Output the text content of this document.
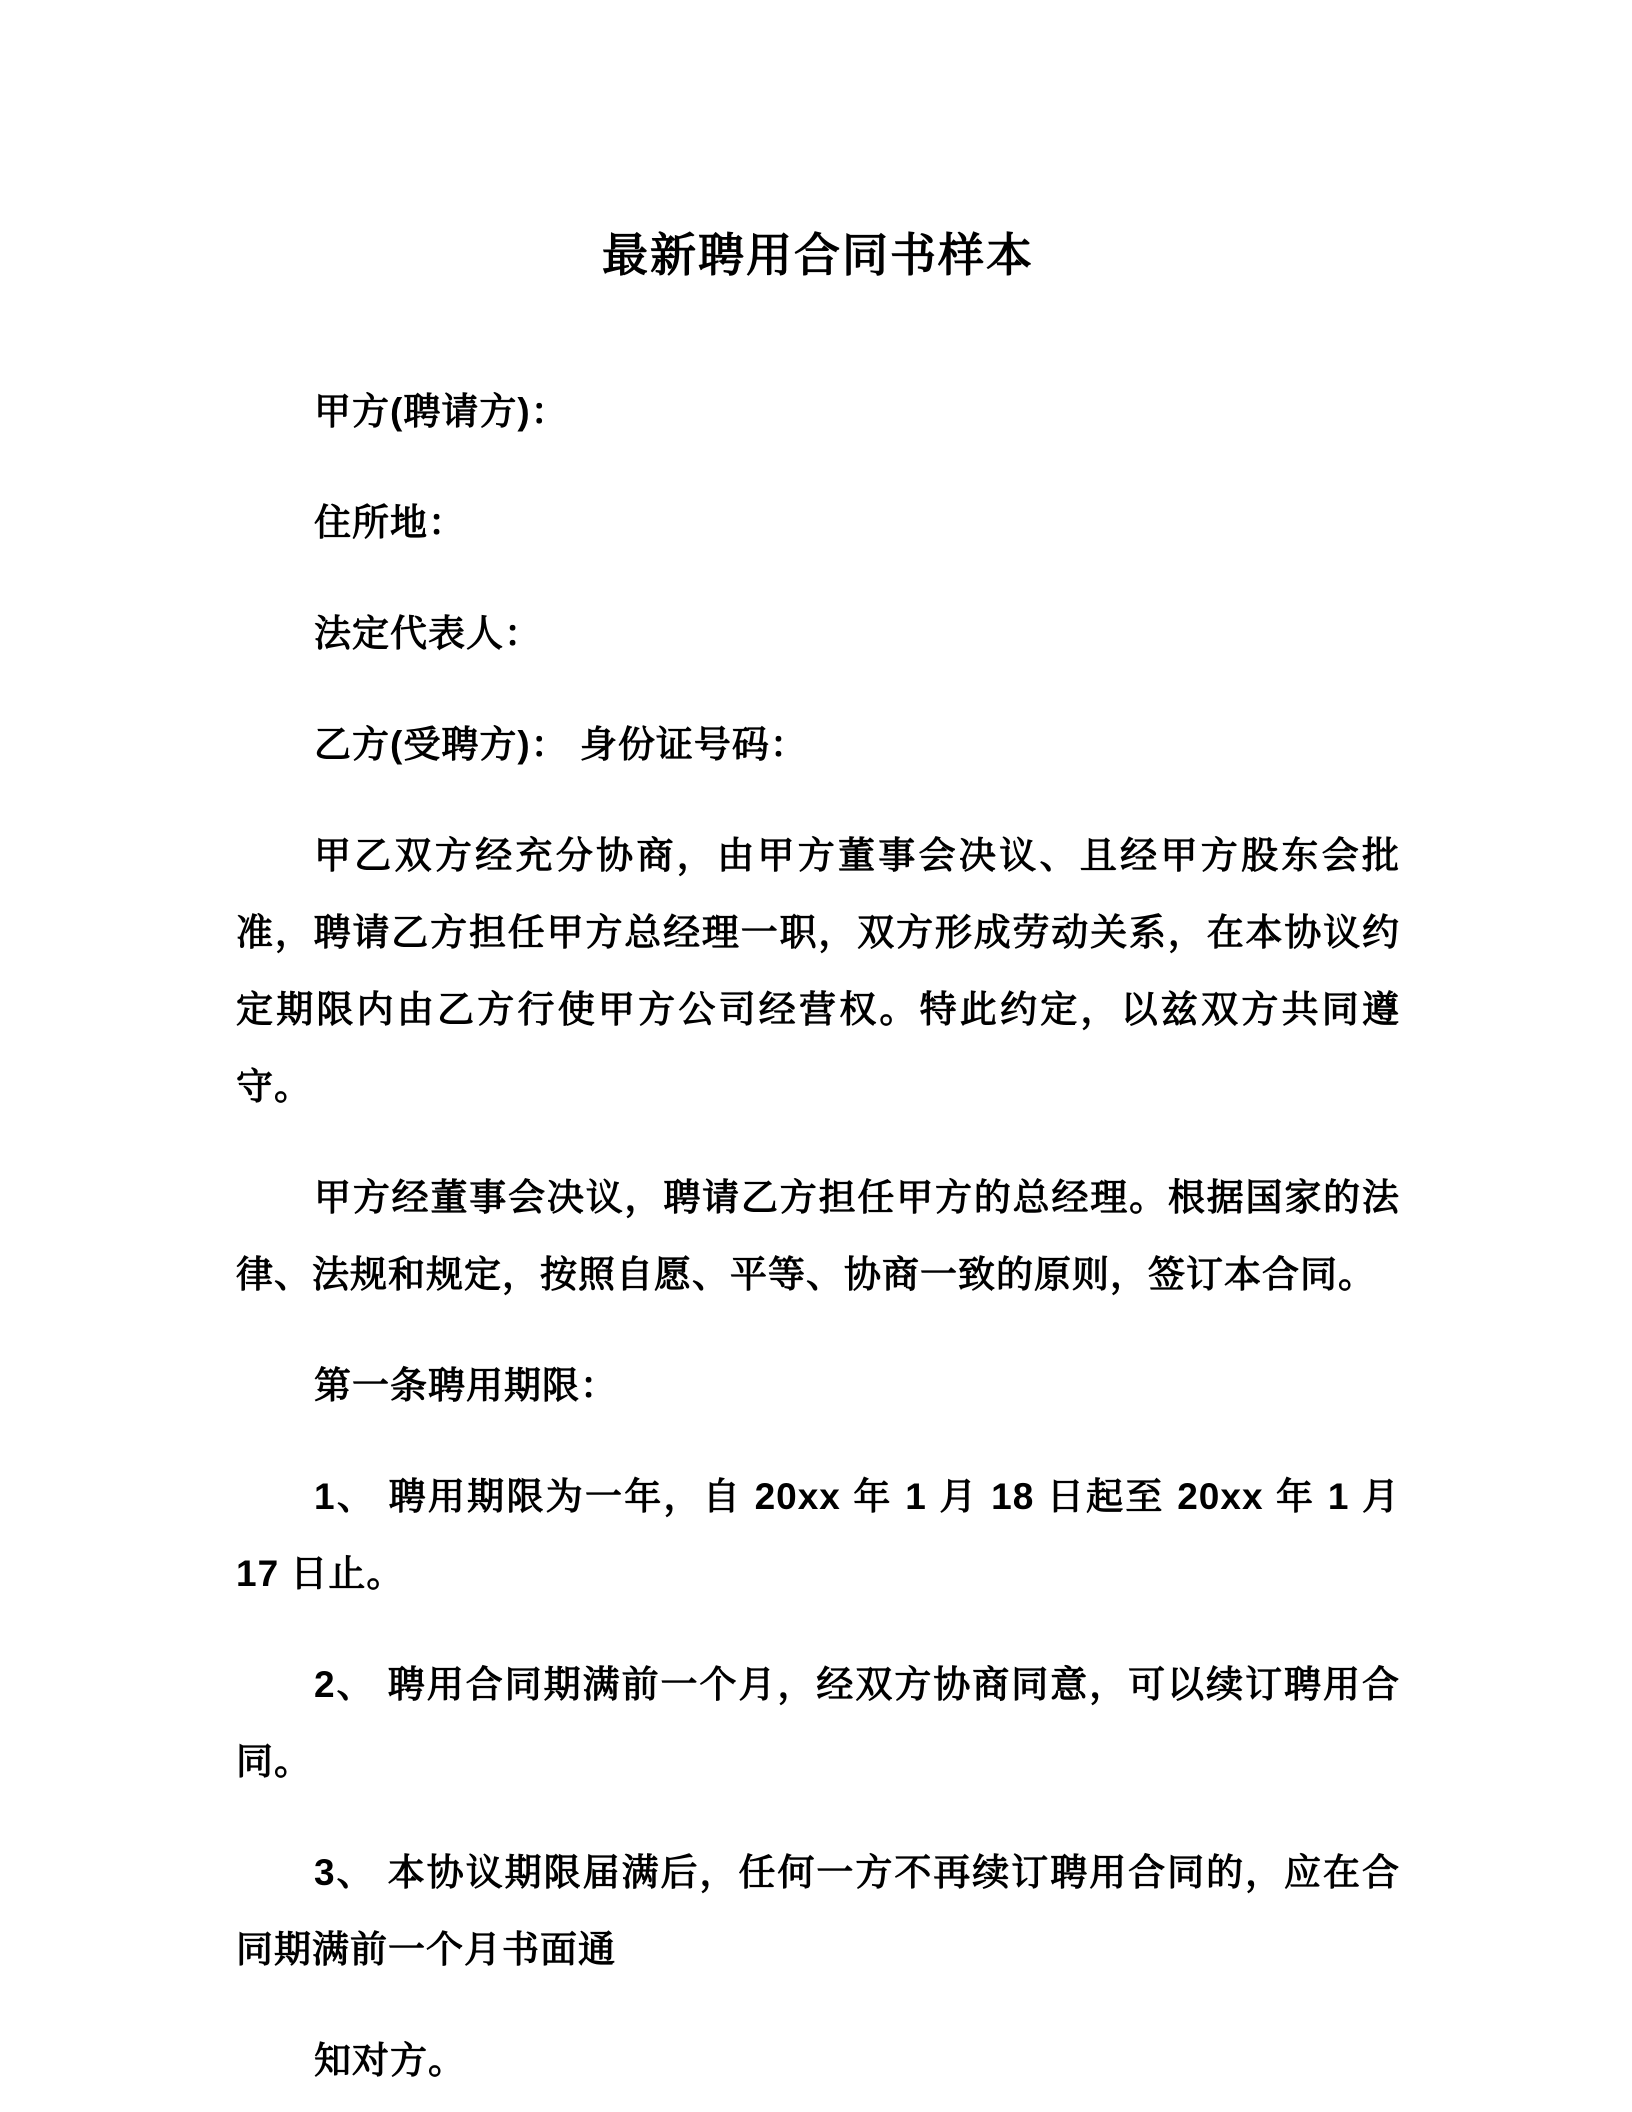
最新聘用合同书样本

甲方(聘请方)：

住所地：

法定代表人：

乙方(受聘方)： 身份证号码：

甲乙双方经充分协商，由甲方董事会决议、且经甲方股东会批准，聘请乙方担任甲方总经理一职，双方形成劳动关系，在本协议约定期限内由乙方行使甲方公司经营权。特此约定，以兹双方共同遵守。

甲方经董事会决议，聘请乙方担任甲方的总经理。根据国家的法律、法规和规定，按照自愿、平等、协商一致的原则，签订本合同。

第一条聘用期限：

1、 聘用期限为一年，自 20xx 年 1 月 18 日起至 20xx 年 1 月 17 日止。

2、 聘用合同期满前一个月，经双方协商同意，可以续订聘用合同。

3、 本协议期限届满后，任何一方不再续订聘用合同的，应在合同期满前一个月书面通

知对方。
